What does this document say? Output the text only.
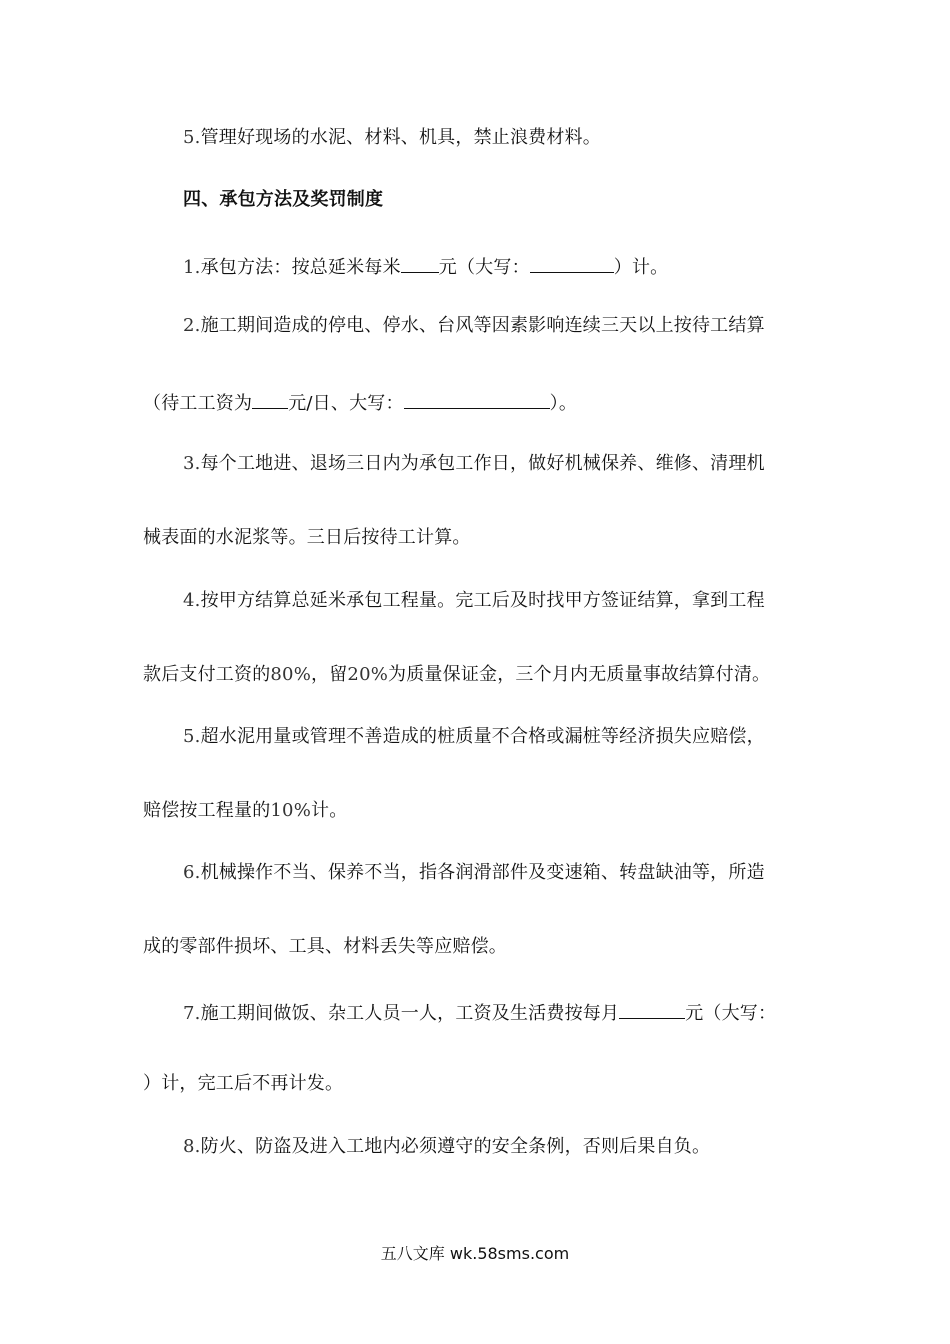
5.管理好现场的水泥、材料、机具，禁止浪费材料。
四、承包方法及奖罚制度
1.承包方法：按总延米每米 元（大写：	）计。
2.施工期间造成的停电、停水、台风等因素影响连续三天以上按待工结算
（待工工资为 元/日、大写：	）。
3.每个工地进、退场三日内为承包工作日，做好机械保养、维修、清理机
械表面的水泥浆等。三日后按待工计算。
4.按甲方结算总延米承包工程量。完工后及时找甲方签证结算，拿到工程
款后支付工资的80%，留20%为质量保证金，三个月内无质量事故结算付清。
5.超水泥用量或管理不善造成的桩质量不合格或漏桩等经济损失应赔偿，
赔偿按工程量的10%计。
6.机械操作不当、保养不当，指各润滑部件及变速箱、转盘缺油等，所造
成的零部件损坏、工具、材料丢失等应赔偿。
7.施工期间做饭、杂工人员一人，工资及生活费按每月	元（大写：
）计，完工后不再计发。
8.防火、防盗及进入工地内必须遵守的安全条例，否则后果自负。
五八文库 wk.58sms.com
